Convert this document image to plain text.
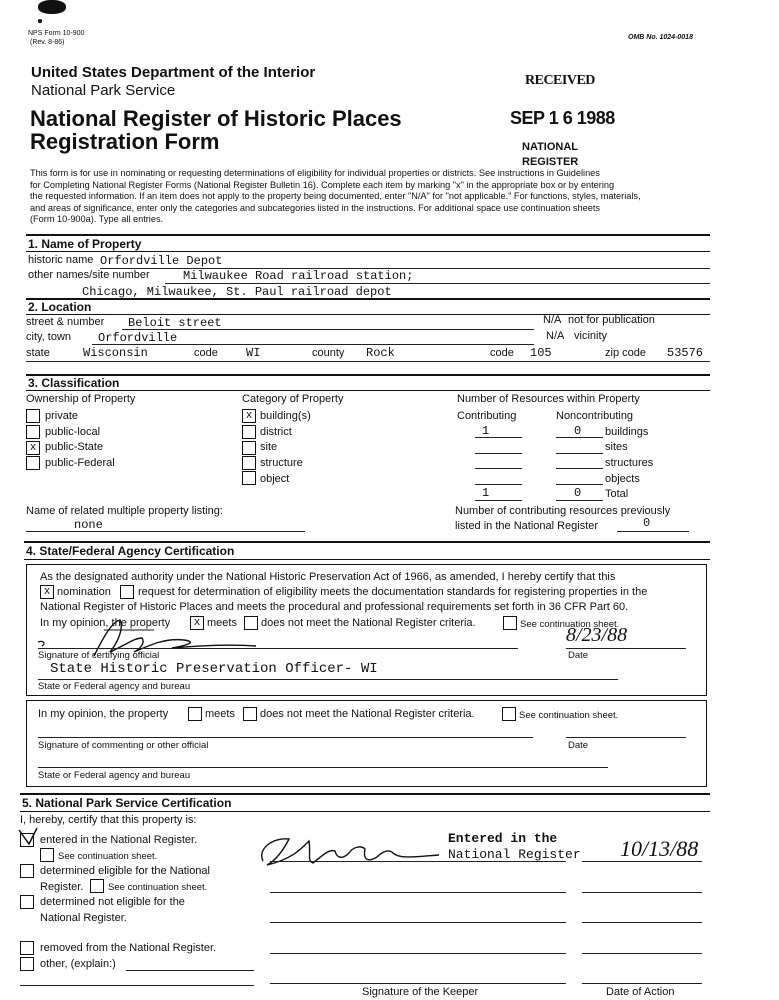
NPS Form 10-900
(Rev. 8-86)
OMB No. 1024-0018
United States Department of the Interior
National Park Service
National Register of Historic Places
Registration Form
RECEIVED
SEP 1 6 1988
NATIONAL
REGISTER
This form is for use in nominating or requesting determinations of eligibility for individual properties or districts. See instructions in Guidelines
for Completing National Register Forms (National Register Bulletin 16). Complete each item by marking "x" in the appropriate box or by entering
the requested information. If an item does not apply to the property being documented, enter "N/A" for "not applicable." For functions, styles, materials,
and areas of significance, enter only the categories and subcategories listed in the instructions. For additional space use continuation sheets
(Form 10-900a). Type all entries.
1. Name of Property
historic name Orfordville Depot
other names/site number	Milwaukee Road railroad station;
Chicago, Milwaukee, St. Paul railroad depot
2. Location
street & number Beloit street	N/A not for publication
city, town Orfordville	N/A vicinity
state	Wisconsin	code WI	county Rock	code 105	zip code 53576
3. Classification
Ownership of Property
private
public-local
x public-State
public-Federal
Category of Property
x building(s)
district
site
structure
object
Number of Resources within Property
Contributing	Noncontributing
1	0 buildings
sites
structures
objects
1	0 Total
Name of related multiple property listing:
none
Number of contributing resources previously
listed in the National Register	0
4. State/Federal Agency Certification
As the designated authority under the National Historic Preservation Act of 1966, as amended, I hereby certify that this
x nomination request for determination of eligibility meets the documentation standards for registering properties in the
National Register of Historic Places and meets the procedural and professional requirements set forth in 36 CFR Part 60.
In my opinion, the property	x meets does not meet the National Register criteria.	See continuation sheet.
Signature of certifying official	Date
8/23/88
State Historic Preservation Officer- WI
State or Federal agency and bureau
In my opinion, the property	meets does not meet the National Register criteria.	See continuation sheet.
Signature of commenting or other official	Date
State or Federal agency and bureau
5. National Park Service Certification
I, hereby, certify that this property is:
entered in the National Register.
See continuation sheet.
determined eligible for the National
Register.	See continuation sheet.
determined not eligible for the
National Register.
removed from the National Register.
other, (explain:)
Entered in the
National Register 10/13/88
Signature of the Keeper	Date of Action
